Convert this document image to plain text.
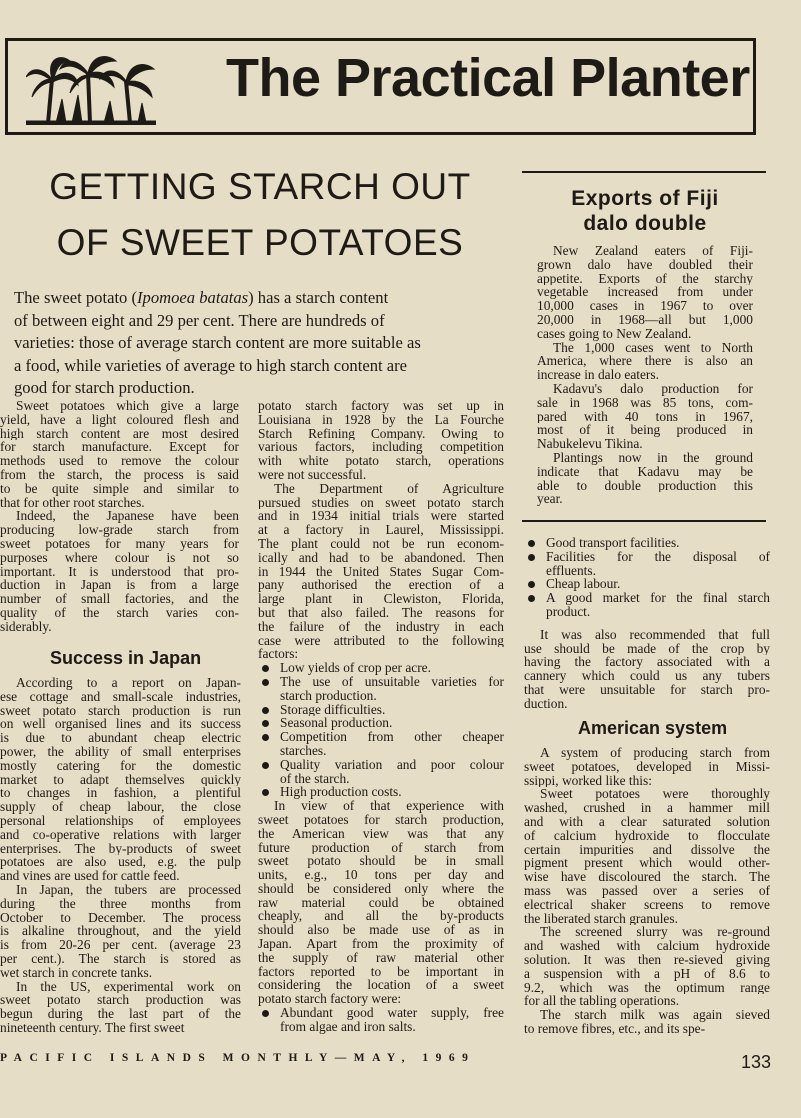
The Practical Planter
GETTING STARCH OUT
OF SWEET POTATOES
The sweet potato (Ipomoea batatas) has a starch content
of between eight and 29 per cent. There are hundreds of
varieties: those of average starch content are more suitable as
a food, while varieties of average to high starch content are
good for starch production.
Sweet potatoes which give a large
yield, have a light coloured flesh and
high starch content are most desired
for starch manufacture. Except for
methods used to remove the colour
from the starch, the process is said
to be quite simple and similar to
that for other root starches.
Indeed, the Japanese have been
producing low-grade starch from
sweet potatoes for many years for
purposes where colour is not so
important. It is understood that pro-
duction in Japan is from a large
number of small factories, and the
quality of the starch varies con-
siderably.
Success in Japan
According to a report on Japan-
ese cottage and small-scale industries,
sweet potato starch production is run
on well organised lines and its success
is due to abundant cheap electric
power, the ability of small enterprises
mostly catering for the domestic
market to adapt themselves quickly
to changes in fashion, a plentiful
supply of cheap labour, the close
personal relationships of employees
and co-operative relations with larger
enterprises. The by-products of sweet
potatoes are also used, e.g. the pulp
and vines are used for cattle feed.
In Japan, the tubers are processed
during the three months from
October to December. The process
is alkaline throughout, and the yield
is from 20-26 per cent. (average 23
per cent.). The starch is stored as
wet starch in concrete tanks.
In the US, experimental work on
sweet potato starch production was
begun during the last part of the
nineteenth century. The first sweet
potato starch factory was set up in
Louisiana in 1928 by the La Fourche
Starch Refining Company. Owing to
various factors, including competition
with white potato starch, operations
were not successful.
The Department of Agriculture
pursued studies on sweet potato starch
and in 1934 initial trials were started
at a factory in Laurel, Mississippi.
The plant could not be run econom-
ically and had to be abandoned. Then
in 1944 the United States Sugar Com-
pany authorised the erection of a
large plant in Clewiston, Florida,
but that also failed. The reasons for
the failure of the industry in each
case were attributed to the following
factors:
Low yields of crop per acre.
The use of unsuitable varieties for
starch production.
Storage difficulties.
Seasonal production.
Competition from other cheaper
starches.
Quality variation and poor colour
of the starch.
High production costs.
In view of that experience with
sweet potatoes for starch production,
the American view was that any
future production of starch from
sweet potato should be in small
units, e.g., 10 tons per day and
should be considered only where the
raw material could be obtained
cheaply, and all the by-products
should also be made use of as in
Japan. Apart from the proximity of
the supply of raw material other
factors reported to be important in
considering the location of a sweet
potato starch factory were:
Abundant good water supply, free
from algae and iron salts.
Exports of Fiji
dalo double
New Zealand eaters of Fiji-
grown dalo have doubled their
appetite. Exports of the starchy
vegetable increased from under
10,000 cases in 1967 to over
20,000 in 1968—all but 1,000
cases going to New Zealand.
The 1,000 cases went to North
America, where there is also an
increase in dalo eaters.
Kadavu's dalo production for
sale in 1968 was 85 tons, com-
pared with 40 tons in 1967,
most of it being produced in
Nabukelevu Tikina.
Plantings now in the ground
indicate that Kadavu may be
able to double production this
year.
Good transport facilities.
Facilities for the disposal of
effluents.
Cheap labour.
A good market for the final starch
product.
It was also recommended that full
use should be made of the crop by
having the factory associated with a
cannery which could us any tubers
that were unsuitable for starch pro-
duction.
American system
A system of producing starch from
sweet potatoes, developed in Missi-
ssippi, worked like this:
Sweet potatoes were thoroughly
washed, crushed in a hammer mill
and with a clear saturated solution
of calcium hydroxide to flocculate
certain impurities and dissolve the
pigment present which would other-
wise have discoloured the starch. The
mass was passed over a series of
electrical shaker screens to remove
the liberated starch granules.
The screened slurry was re-ground
and washed with calcium hydroxide
solution. It was then re-sieved giving
a suspension with a pH of 8.6 to
9.2, which was the optimum range
for all the tabling operations.
The starch milk was again sieved
to remove fibres, etc., and its spe-
PACIFIC ISLANDS MONTHLY—MAY, 1969	133
